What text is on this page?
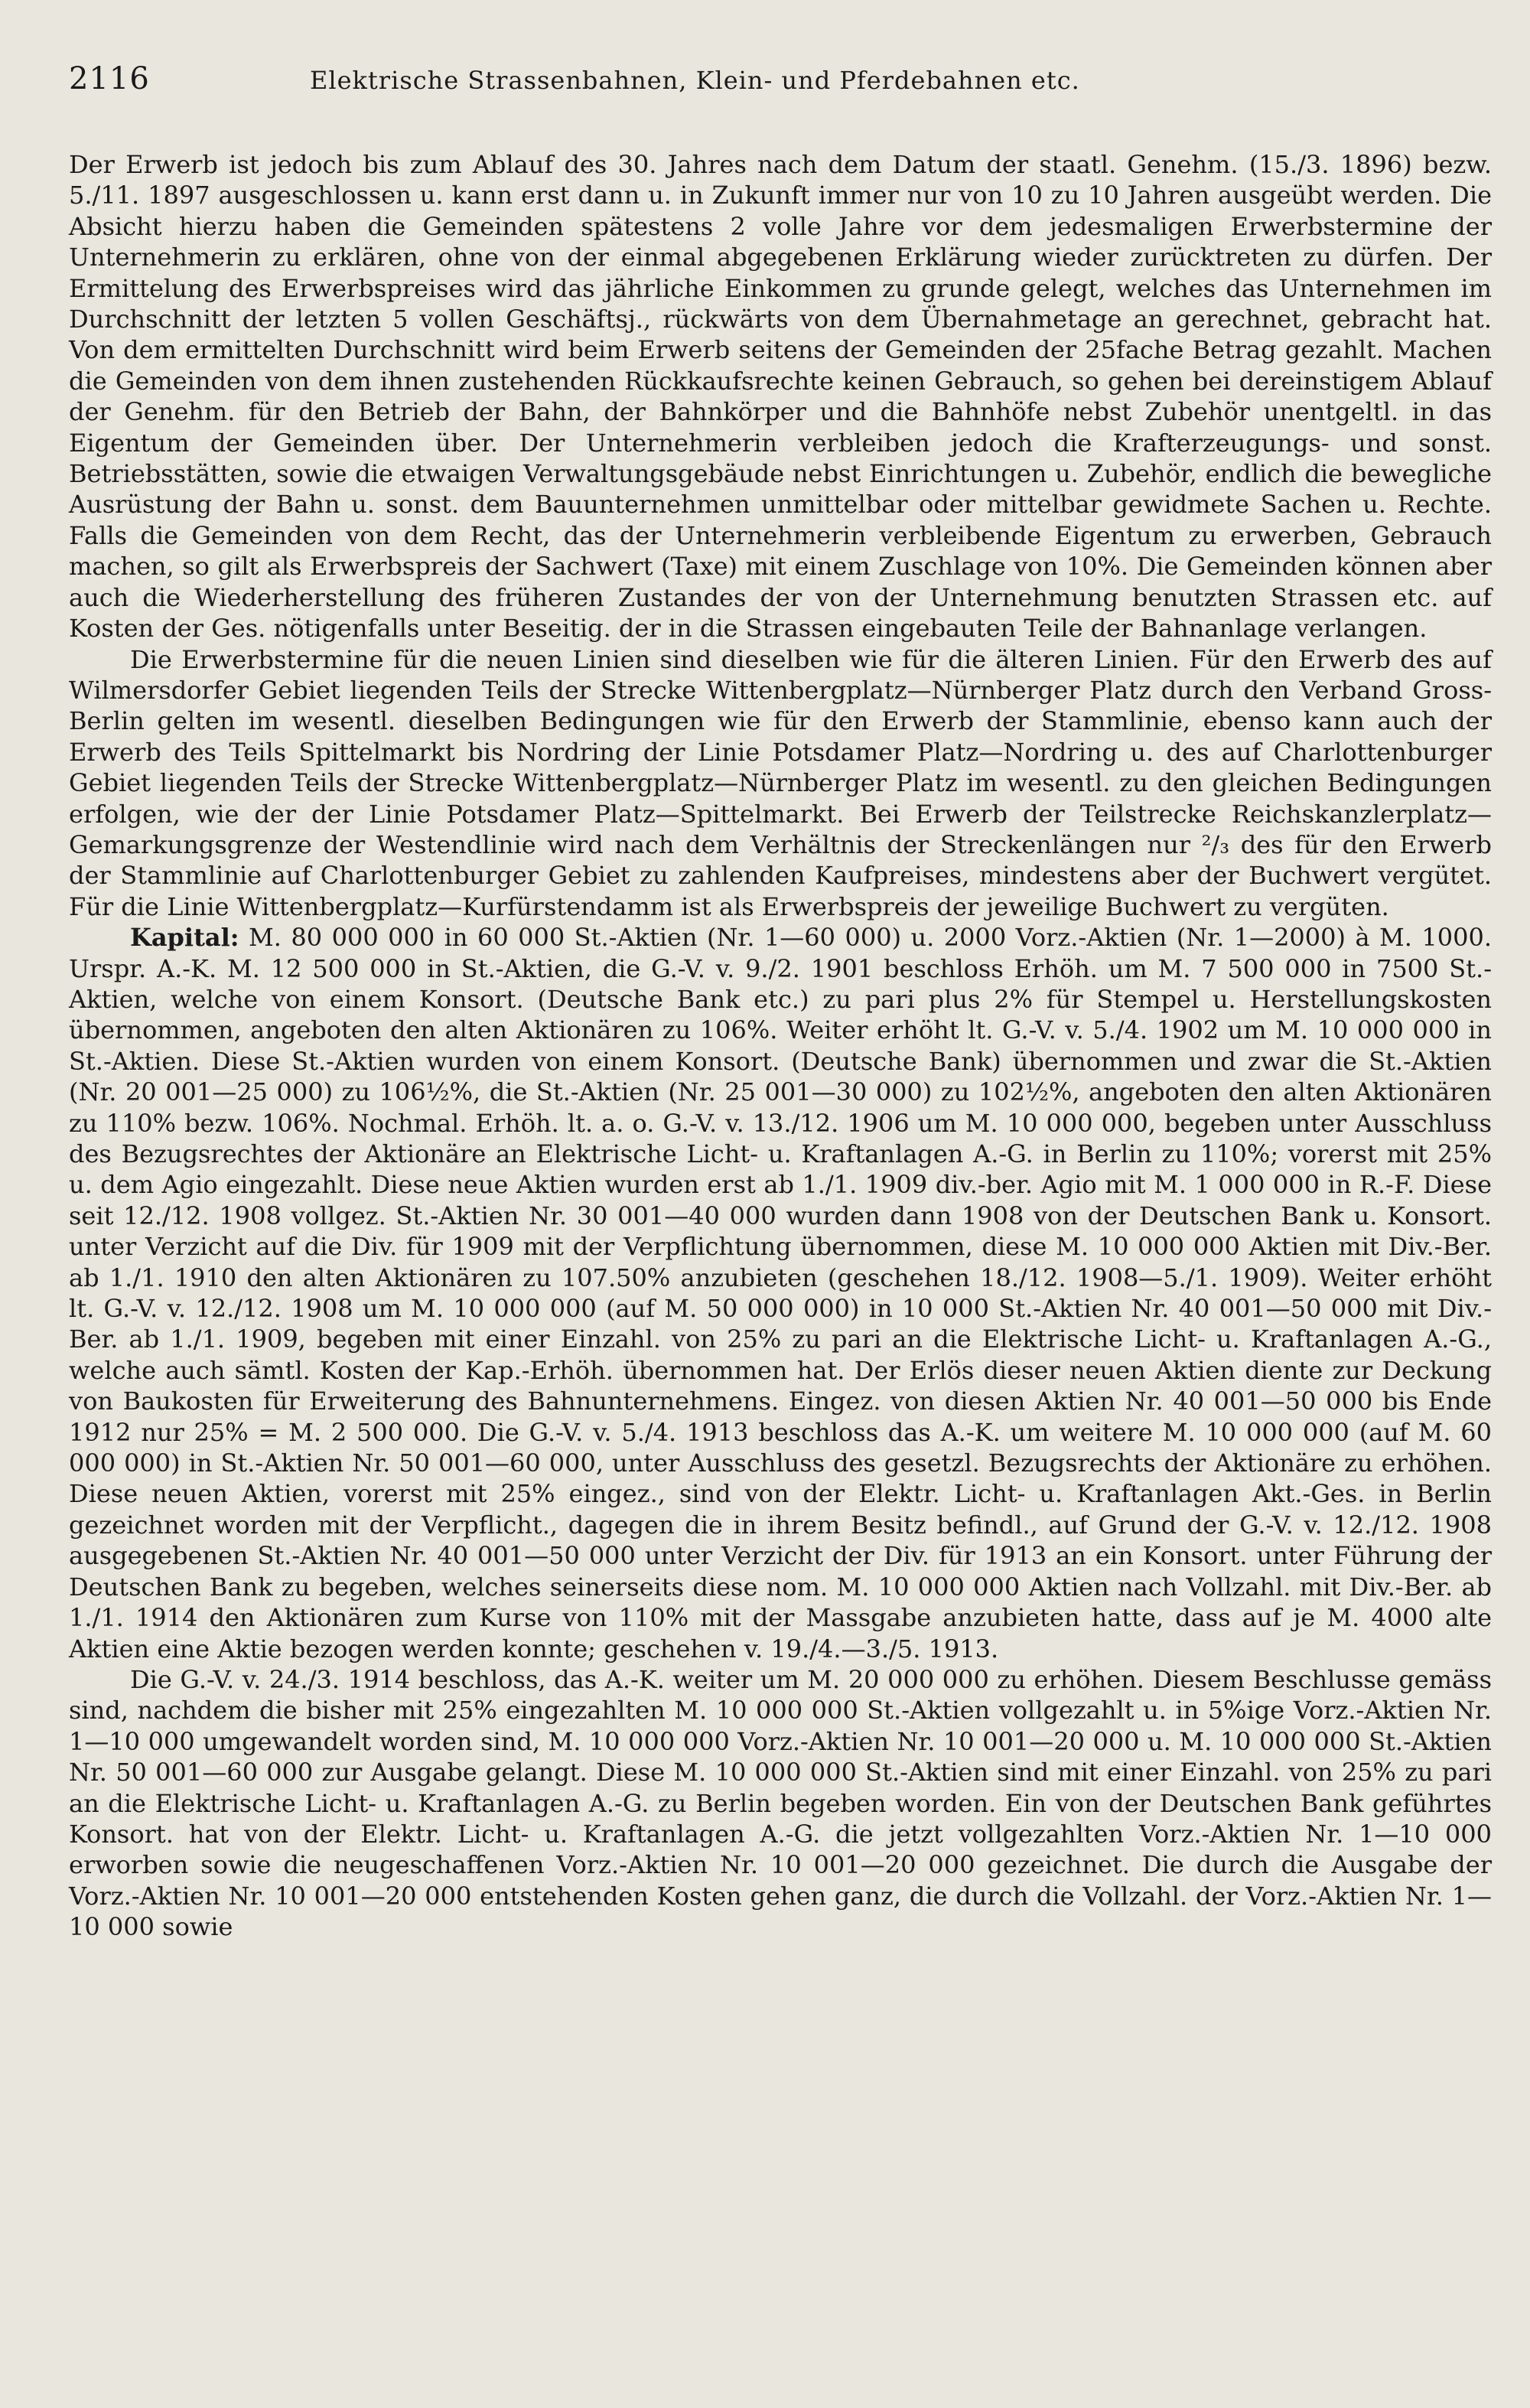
2116	Elektrische Strassenbahnen, Klein- und Pferdebahnen etc.

Der Erwerb ist jedoch bis zum Ablauf des 30. Jahres nach dem Datum der staatl. Genehm. (15./3. 1896) bezw. 5./11. 1897 ausgeschlossen u. kann erst dann u. in Zukunft immer nur von 10 zu 10 Jahren ausgeübt werden. Die Absicht hierzu haben die Gemeinden spätestens 2 volle Jahre vor dem jedesmaligen Erwerbstermine der Unternehmerin zu erklären, ohne von der einmal abgegebenen Erklärung wieder zurücktreten zu dürfen. Der Ermittelung des Erwerbspreises wird das jährliche Einkommen zu grunde gelegt, welches das Unternehmen im Durchschnitt der letzten 5 vollen Geschäftsj., rückwärts von dem Übernahmetage an gerechnet, gebracht hat. Von dem ermittelten Durchschnitt wird beim Erwerb seitens der Gemeinden der 25fache Betrag gezahlt. Machen die Gemeinden von dem ihnen zustehenden Rückkaufsrechte keinen Gebrauch, so gehen bei dereinstigem Ablauf der Genehm. für den Betrieb der Bahn, der Bahnkörper und die Bahnhöfe nebst Zubehör unentgeltl. in das Eigentum der Gemeinden über. Der Unternehmerin verbleiben jedoch die Krafterzeugungs- und sonst. Betriebsstätten, sowie die etwaigen Verwaltungsgebäude nebst Einrichtungen u. Zubehör, endlich die bewegliche Ausrüstung der Bahn u. sonst. dem Bauunternehmen unmittelbar oder mittelbar gewidmete Sachen u. Rechte. Falls die Gemeinden von dem Recht, das der Unternehmerin verbleibende Eigentum zu erwerben, Gebrauch machen, so gilt als Erwerbspreis der Sachwert (Taxe) mit einem Zuschlage von 10%. Die Gemeinden können aber auch die Wiederherstellung des früheren Zustandes der von der Unternehmung benutzten Strassen etc. auf Kosten der Ges. nötigenfalls unter Beseitig. der in die Strassen eingebauten Teile der Bahnanlage verlangen.

Die Erwerbstermine für die neuen Linien sind dieselben wie für die älteren Linien. Für den Erwerb des auf Wilmersdorfer Gebiet liegenden Teils der Strecke Wittenbergplatz—Nürnberger Platz durch den Verband Gross-Berlin gelten im wesentl. dieselben Bedingungen wie für den Erwerb der Stammlinie, ebenso kann auch der Erwerb des Teils Spittelmarkt bis Nordring der Linie Potsdamer Platz—Nordring u. des auf Charlottenburger Gebiet liegenden Teils der Strecke Wittenbergplatz—Nürnberger Platz im wesentl. zu den gleichen Bedingungen erfolgen, wie der der Linie Potsdamer Platz—Spittelmarkt. Bei Erwerb der Teilstrecke Reichskanzlerplatz—Gemarkungsgrenze der Westendlinie wird nach dem Verhältnis der Streckenlängen nur ²/₃ des für den Erwerb der Stammlinie auf Charlottenburger Gebiet zu zahlenden Kaufpreises, mindestens aber der Buchwert vergütet. Für die Linie Wittenbergplatz—Kurfürstendamm ist als Erwerbspreis der jeweilige Buchwert zu vergüten.

Kapital: M. 80 000 000 in 60 000 St.-Aktien (Nr. 1—60 000) u. 2000 Vorz.-Aktien (Nr. 1—2000) à M. 1000. Urspr. A.-K. M. 12 500 000 in St.-Aktien, die G.-V. v. 9./2. 1901 beschloss Erhöh. um M. 7 500 000 in 7500 St.-Aktien, welche von einem Konsort. (Deutsche Bank etc.) zu pari plus 2% für Stempel u. Herstellungskosten übernommen, angeboten den alten Aktionären zu 106%. Weiter erhöht lt. G.-V. v. 5./4. 1902 um M. 10 000 000 in St.-Aktien. Diese St.-Aktien wurden von einem Konsort. (Deutsche Bank) übernommen und zwar die St.-Aktien (Nr. 20 001—25 000) zu 106½%, die St.-Aktien (Nr. 25 001—30 000) zu 102½%, angeboten den alten Aktionären zu 110% bezw. 106%. Nochmal. Erhöh. lt. a. o. G.-V. v. 13./12. 1906 um M. 10 000 000, begeben unter Ausschluss des Bezugsrechtes der Aktionäre an Elektrische Licht- u. Kraftanlagen A.-G. in Berlin zu 110%; vorerst mit 25% u. dem Agio eingezahlt. Diese neue Aktien wurden erst ab 1./1. 1909 div.-ber. Agio mit M. 1 000 000 in R.-F. Diese seit 12./12. 1908 vollgez. St.-Aktien Nr. 30 001—40 000 wurden dann 1908 von der Deutschen Bank u. Konsort. unter Verzicht auf die Div. für 1909 mit der Verpflichtung übernommen, diese M. 10 000 000 Aktien mit Div.-Ber. ab 1./1. 1910 den alten Aktionären zu 107.50% anzubieten (geschehen 18./12. 1908—5./1. 1909). Weiter erhöht lt. G.-V. v. 12./12. 1908 um M. 10 000 000 (auf M. 50 000 000) in 10 000 St.-Aktien Nr. 40 001—50 000 mit Div.-Ber. ab 1./1. 1909, begeben mit einer Einzahl. von 25% zu pari an die Elektrische Licht- u. Kraftanlagen A.-G., welche auch sämtl. Kosten der Kap.-Erhöh. übernommen hat. Der Erlös dieser neuen Aktien diente zur Deckung von Baukosten für Erweiterung des Bahnunternehmens. Eingez. von diesen Aktien Nr. 40 001—50 000 bis Ende 1912 nur 25% = M. 2 500 000. Die G.-V. v. 5./4. 1913 beschloss das A.-K. um weitere M. 10 000 000 (auf M. 60 000 000) in St.-Aktien Nr. 50 001—60 000, unter Ausschluss des gesetzl. Bezugsrechts der Aktionäre zu erhöhen. Diese neuen Aktien, vorerst mit 25% eingez., sind von der Elektr. Licht- u. Kraftanlagen Akt.-Ges. in Berlin gezeichnet worden mit der Verpflicht., dagegen die in ihrem Besitz befindl., auf Grund der G.-V. v. 12./12. 1908 ausgegebenen St.-Aktien Nr. 40 001—50 000 unter Verzicht der Div. für 1913 an ein Konsort. unter Führung der Deutschen Bank zu begeben, welches seinerseits diese nom. M. 10 000 000 Aktien nach Vollzahl. mit Div.-Ber. ab 1./1. 1914 den Aktionären zum Kurse von 110% mit der Massgabe anzubieten hatte, dass auf je M. 4000 alte Aktien eine Aktie bezogen werden konnte; geschehen v. 19./4.—3./5. 1913.

Die G.-V. v. 24./3. 1914 beschloss, das A.-K. weiter um M. 20 000 000 zu erhöhen. Diesem Beschlusse gemäss sind, nachdem die bisher mit 25% eingezahlten M. 10 000 000 St.-Aktien vollgezahlt u. in 5%ige Vorz.-Aktien Nr. 1—10 000 umgewandelt worden sind, M. 10 000 000 Vorz.-Aktien Nr. 10 001—20 000 u. M. 10 000 000 St.-Aktien Nr. 50 001—60 000 zur Ausgabe gelangt. Diese M. 10 000 000 St.-Aktien sind mit einer Einzahl. von 25% zu pari an die Elektrische Licht- u. Kraftanlagen A.-G. zu Berlin begeben worden. Ein von der Deutschen Bank geführtes Konsort. hat von der Elektr. Licht- u. Kraftanlagen A.-G. die jetzt vollgezahlten Vorz.-Aktien Nr. 1—10 000 erworben sowie die neugeschaffenen Vorz.-Aktien Nr. 10 001—20 000 gezeichnet. Die durch die Ausgabe der Vorz.-Aktien Nr. 10 001—20 000 entstehenden Kosten gehen ganz, die durch die Vollzahl. der Vorz.-Aktien Nr. 1—10 000 sowie
